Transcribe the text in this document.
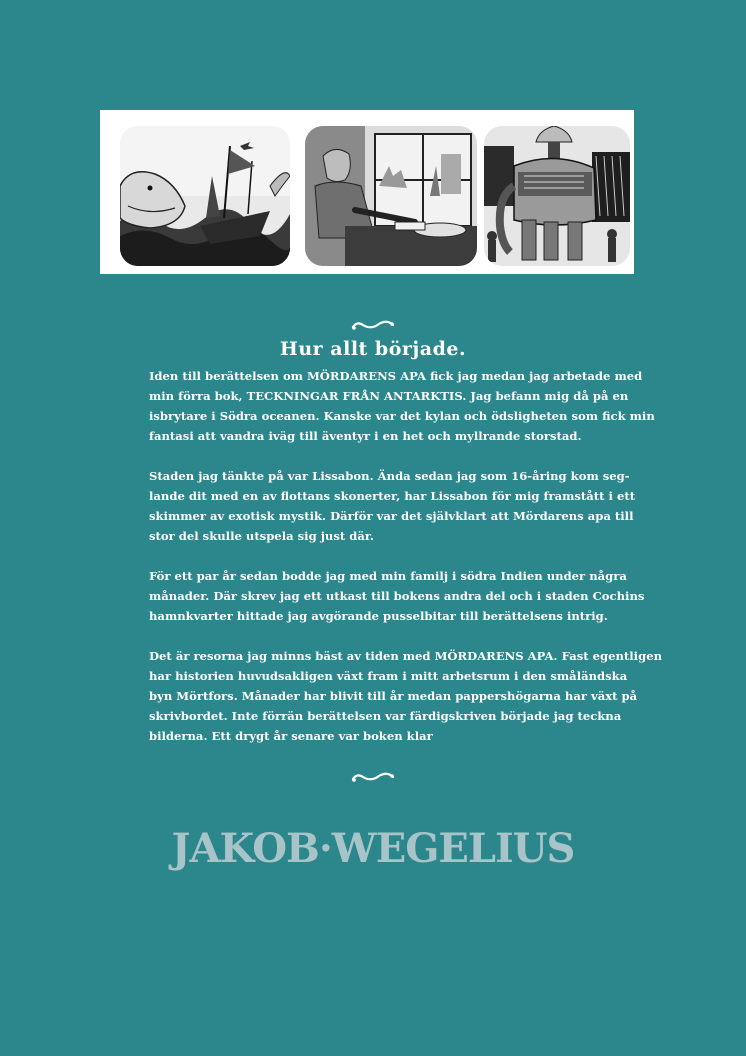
Hur allt började.

Iden till berättelsen om MÖRDARENS APA fick jag medan jag arbetade med
min förra bok, TECKNINGAR FRÅN ANTARKTIS. Jag befann mig då på en
isbrytare i Södra oceanen. Kanske var det kylan och ödsligheten som fick min
fantasi att vandra iväg till äventyr i en het och myllrande storstad.

Staden jag tänkte på var Lissabon. Ända sedan jag som 16-åring kom seg-
lande dit med en av flottans skonerter, har Lissabon för mig framstått i ett
skimmer av exotisk mystik. Därför var det självklart att Mördarens apa till
stor del skulle utspela sig just där.

För ett par år sedan bodde jag med min familj i södra Indien under några
månader. Där skrev jag ett utkast till bokens andra del och i staden Cochins
hamnkvarter hittade jag avgörande pusselbitar till berättelsens intrig.

Det är resorna jag minns bäst av tiden med MÖRDARENS APA. Fast egentligen
har historien huvudsakligen växt fram i mitt arbetsrum i den småländska
byn Mörtfors. Månader har blivit till år medan pappershögarna har växt på
skrivbordet. Inte förrän berättelsen var färdigskriven började jag teckna
bilderna. Ett drygt år senare var boken klar

JAKOB·WEGELIUS
